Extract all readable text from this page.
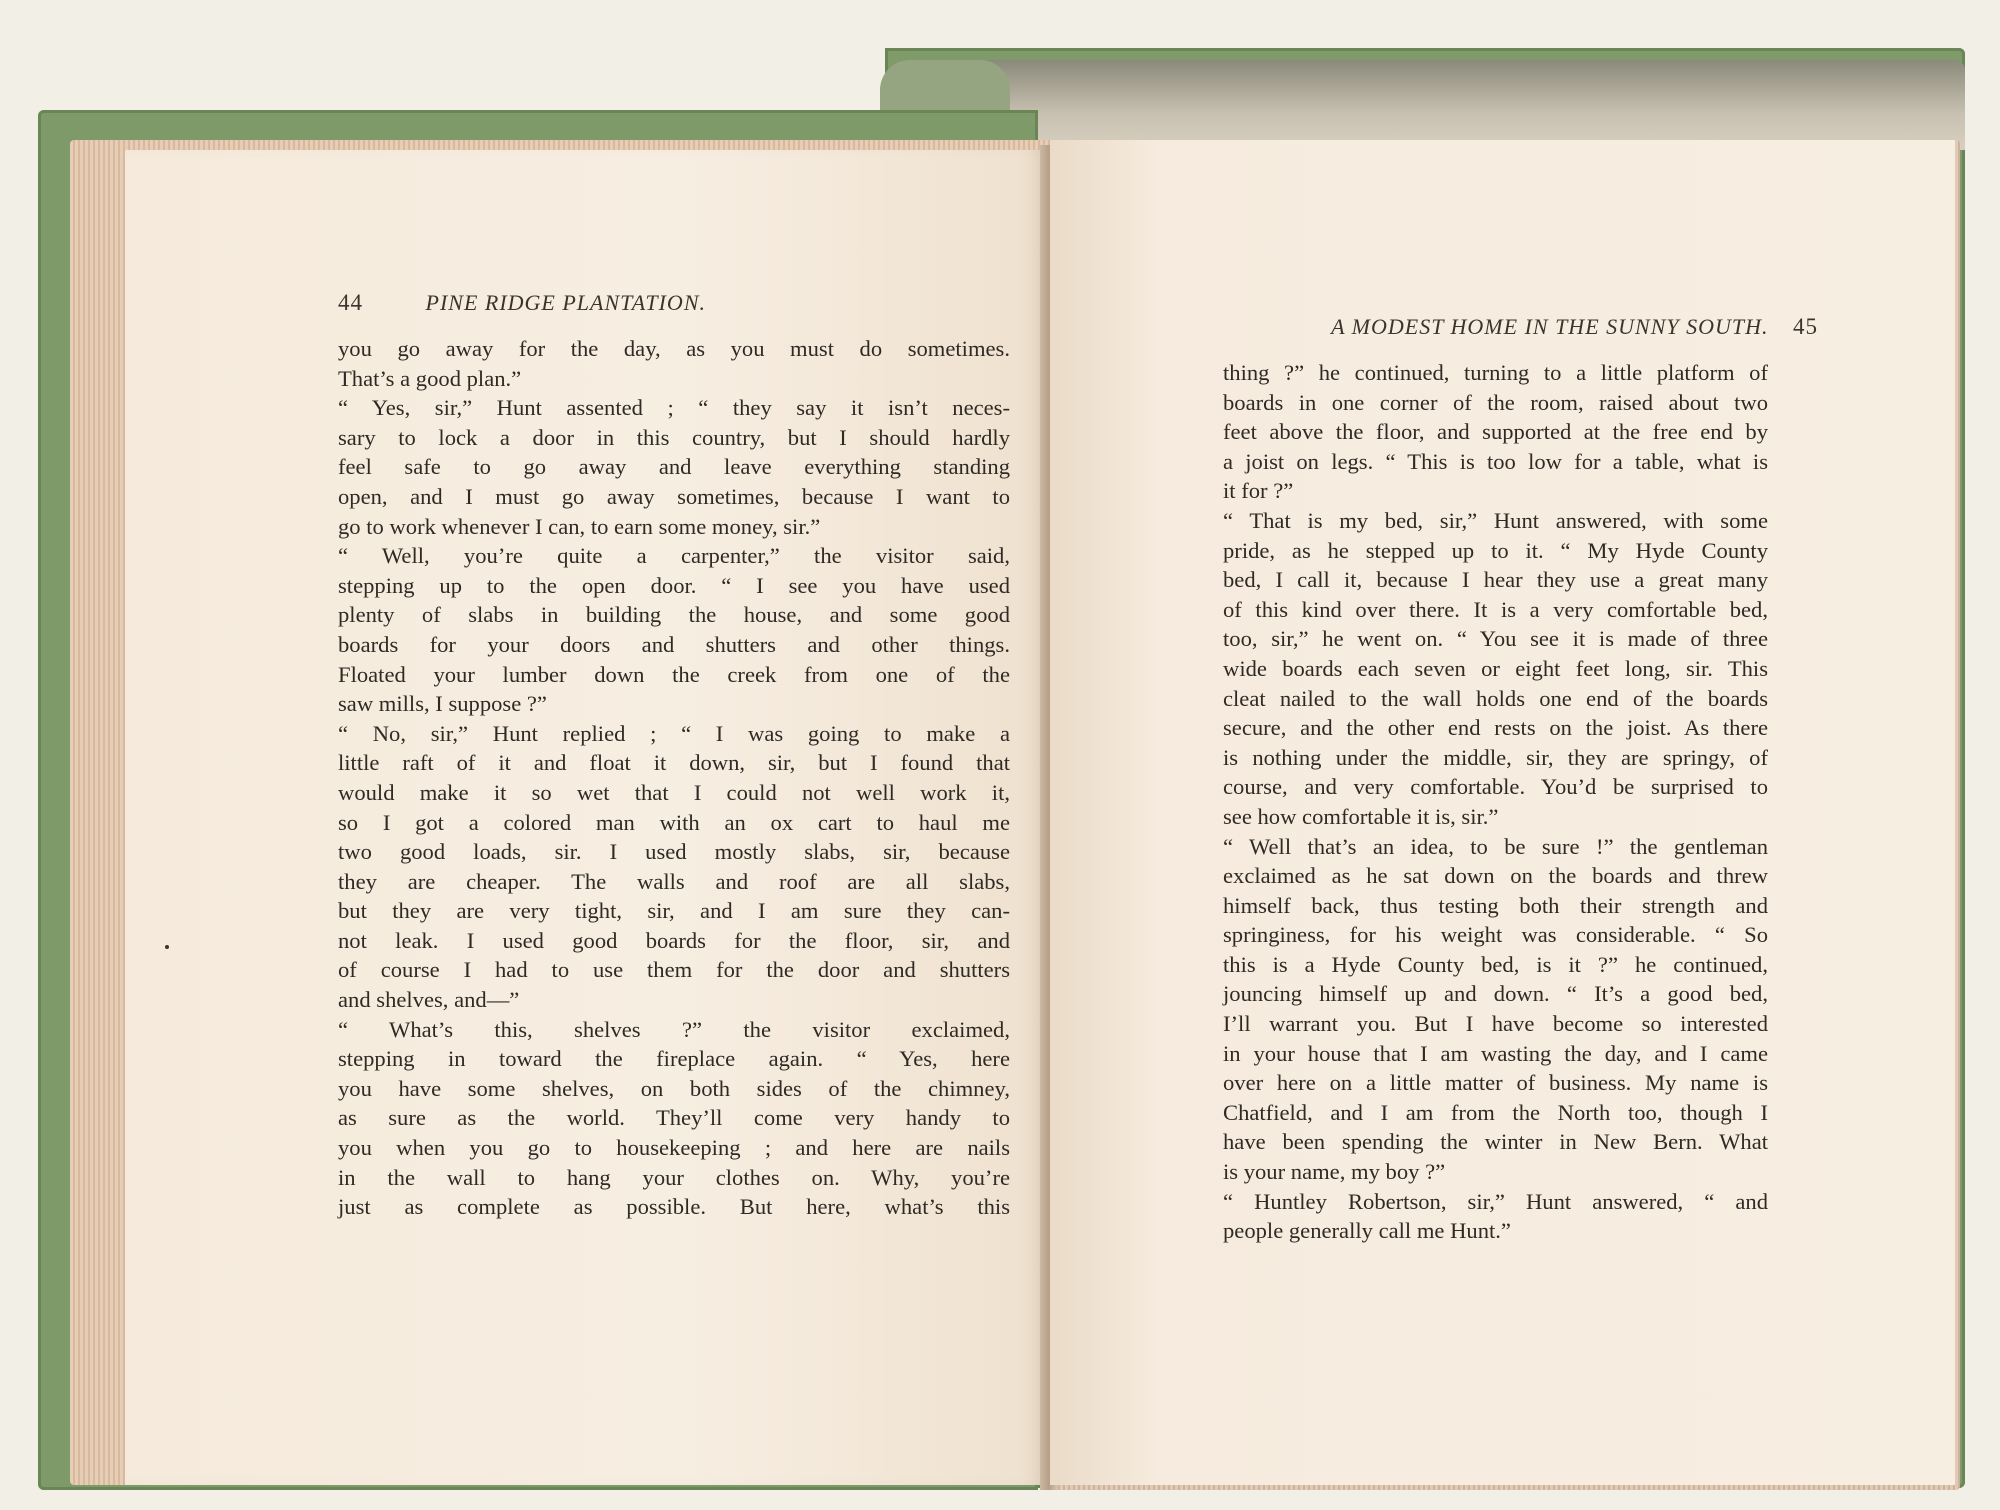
44	PINE RIDGE PLANTATION.
you go away for the day, as you must do sometimes.
That’s a good plan.”
“ Yes, sir,” Hunt assented ; “ they say it isn’t neces-
sary to lock a door in this country, but I should hardly
feel safe to go away and leave everything standing
open, and I must go away sometimes, because I want to
go to work whenever I can, to earn some money, sir.”
“ Well, you’re quite a carpenter,” the visitor said,
stepping up to the open door. “ I see you have used
plenty of slabs in building the house, and some good
boards for your doors and shutters and other things.
Floated your lumber down the creek from one of the
saw mills, I suppose ?”
“ No, sir,” Hunt replied ; “ I was going to make a
little raft of it and float it down, sir, but I found that
would make it so wet that I could not well work it,
so I got a colored man with an ox cart to haul me
two good loads, sir. I used mostly slabs, sir, because
they are cheaper. The walls and roof are all slabs,
but they are very tight, sir, and I am sure they can-
not leak. I used good boards for the floor, sir, and
of course I had to use them for the door and shutters
and shelves, and—”
“ What’s this, shelves ?” the visitor exclaimed,
stepping in toward the fireplace again. “ Yes, here
you have some shelves, on both sides of the chimney,
as sure as the world. They’ll come very handy to
you when you go to housekeeping ; and here are nails
in the wall to hang your clothes on. Why, you’re
just as complete as possible. But here, what’s this
A MODEST HOME IN THE SUNNY SOUTH. 45
thing ?” he continued, turning to a little platform of
boards in one corner of the room, raised about two
feet above the floor, and supported at the free end by
a joist on legs. “ This is too low for a table, what is
it for ?”
“ That is my bed, sir,” Hunt answered, with some
pride, as he stepped up to it. “ My Hyde County
bed, I call it, because I hear they use a great many
of this kind over there. It is a very comfortable bed,
too, sir,” he went on. “ You see it is made of three
wide boards each seven or eight feet long, sir. This
cleat nailed to the wall holds one end of the boards
secure, and the other end rests on the joist. As there
is nothing under the middle, sir, they are springy, of
course, and very comfortable. You’d be surprised to
see how comfortable it is, sir.”
“ Well that’s an idea, to be sure !” the gentleman
exclaimed as he sat down on the boards and threw
himself back, thus testing both their strength and
springiness, for his weight was considerable. “ So
this is a Hyde County bed, is it ?” he continued,
jouncing himself up and down. “ It’s a good bed,
I’ll warrant you. But I have become so interested
in your house that I am wasting the day, and I came
over here on a little matter of business. My name is
Chatfield, and I am from the North too, though I
have been spending the winter in New Bern. What
is your name, my boy ?”
“ Huntley Robertson, sir,” Hunt answered, “ and
people generally call me Hunt.”
